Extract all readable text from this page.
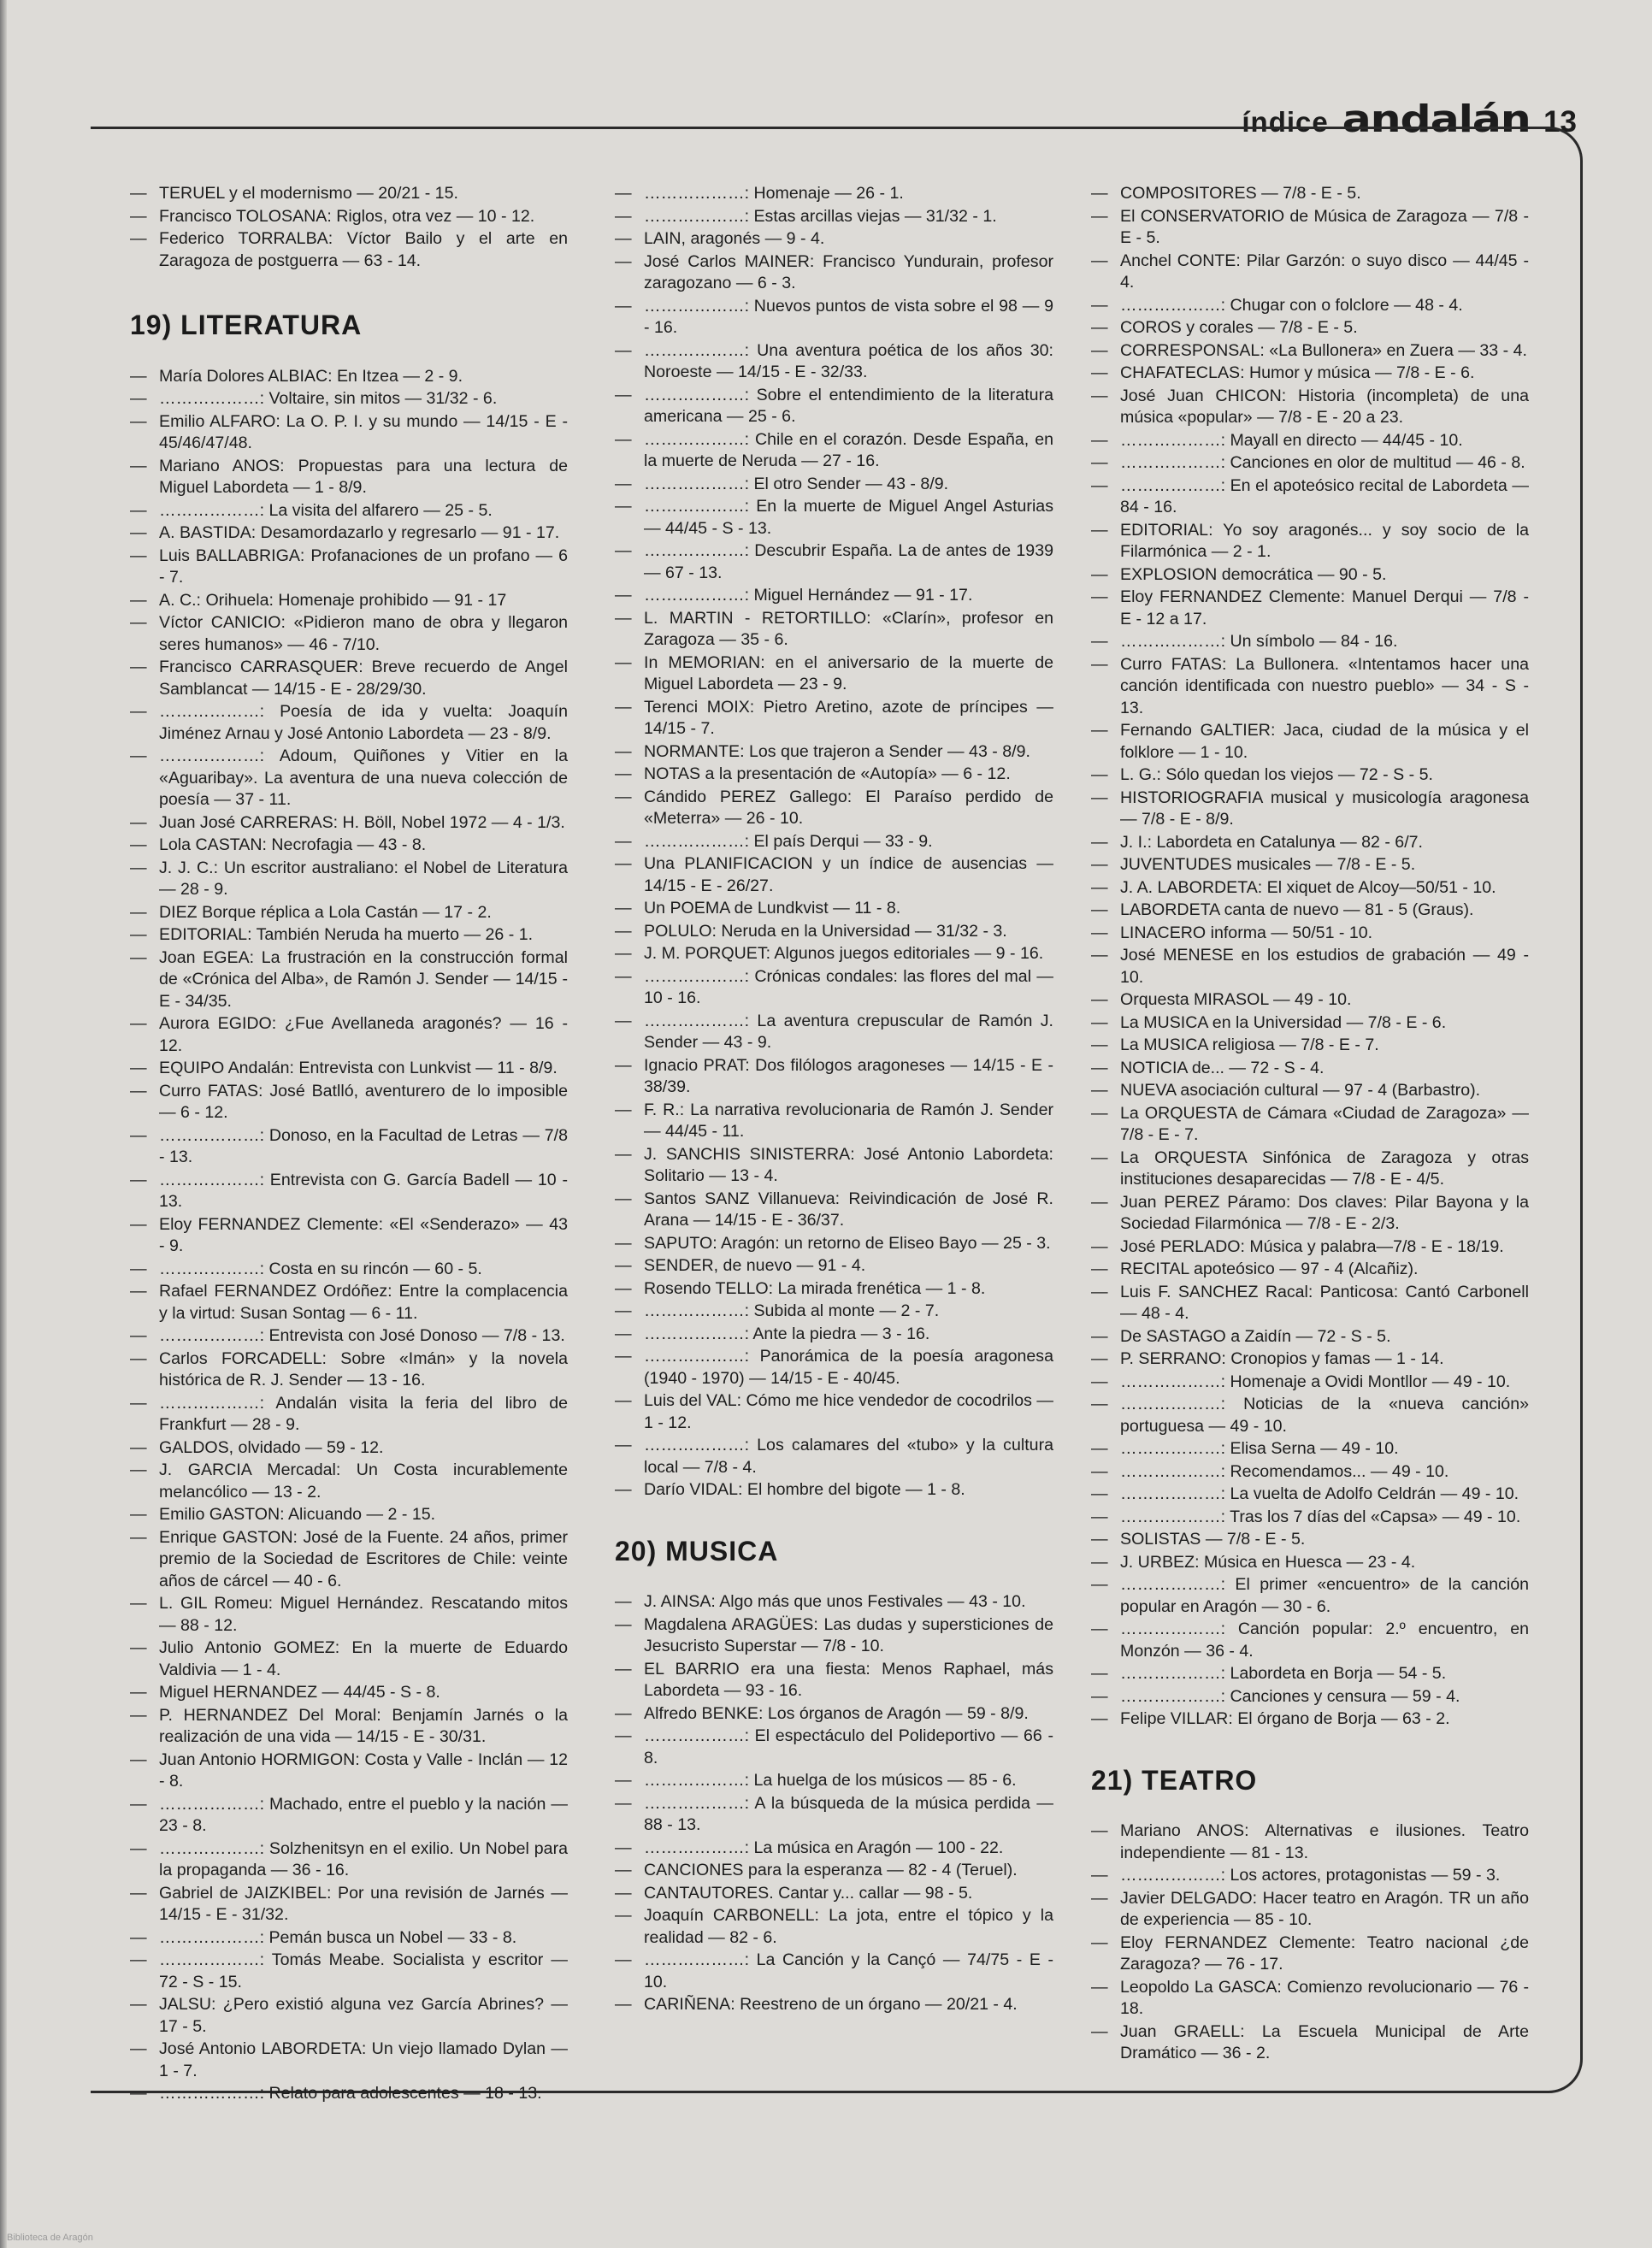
índice andalán 13
— TERUEL y el modernismo — 20/21 - 15.
— Francisco TOLOSANA: Riglos, otra vez — 10 - 12.
— Federico TORRALBA: Víctor Bailo y el arte en Zaragoza de postguerra — 63 - 14.
19) LITERATURA
— María Dolores ALBIAC: En Itzea — 2 - 9.
— ………………: Voltaire, sin mitos — 31/32 - 6.
— Emilio ALFARO: La O. P. I. y su mundo — 14/15 - E - 45/46/47/48.
— Mariano ANOS: Propuestas para una lectura de Miguel Labordeta — 1 - 8/9.
— ………………: La visita del alfarero — 25 - 5.
— A. BASTIDA: Desamordazarlo y regresarlo — 91 - 17.
— Luis BALLABRIGA: Profanaciones de un profano — 6 - 7.
— A. C.: Orihuela: Homenaje prohibido — 91 - 17
— Víctor CANICIO: «Pidieron mano de obra y llegaron seres humanos» — 46 - 7/10.
— Francisco CARRASQUER: Breve recuerdo de Angel Samblancat — 14/15 - E - 28/29/30.
— ………………: Poesía de ida y vuelta: Joaquín Jiménez Arnau y José Antonio Labordeta — 23 - 8/9.
— ………………: Adoum, Quiñones y Vitier en la «Aguaribay». La aventura de una nueva colección de poesía — 37 - 11.
— Juan José CARRERAS: H. Böll, Nobel 1972 — 4 - 1/3.
— Lola CASTAN: Necrofagia — 43 - 8.
— J. J. C.: Un escritor australiano: el Nobel de Literatura — 28 - 9.
— DIEZ Borque réplica a Lola Castán — 17 - 2.
— EDITORIAL: También Neruda ha muerto — 26 - 1.
— Joan EGEA: La frustración en la construcción formal de «Crónica del Alba», de Ramón J. Sender — 14/15 - E - 34/35.
— Aurora EGIDO: ¿Fue Avellaneda aragonés? — 16 - 12.
— EQUIPO Andalán: Entrevista con Lunkvist — 11 - 8/9.
— Curro FATAS: José Batlló, aventurero de lo imposible — 6 - 12.
— ………………: Donoso, en la Facultad de Letras — 7/8 - 13.
— ………………: Entrevista con G. García Badell — 10 - 13.
— Eloy FERNANDEZ Clemente: «El «Senderazo» — 43 - 9.
— ………………: Costa en su rincón — 60 - 5.
— Rafael FERNANDEZ Ordóñez: Entre la complacencia y la virtud: Susan Sontag — 6 - 11.
— ………………: Entrevista con José Donoso — 7/8 - 13.
— Carlos FORCADELL: Sobre «Imán» y la novela histórica de R. J. Sender — 13 - 16.
— ………………: Andalán visita la feria del libro de Frankfurt — 28 - 9.
— GALDOS, olvidado — 59 - 12.
— J. GARCIA Mercadal: Un Costa incurablemente melancólico — 13 - 2.
— Emilio GASTON: Alicuando — 2 - 15.
— Enrique GASTON: José de la Fuente. 24 años, primer premio de la Sociedad de Escritores de Chile: veinte años de cárcel — 40 - 6.
— L. GIL Romeu: Miguel Hernández. Rescatando mitos — 88 - 12.
— Julio Antonio GOMEZ: En la muerte de Eduardo Valdivia — 1 - 4.
— Miguel HERNANDEZ — 44/45 - S - 8.
— P. HERNANDEZ Del Moral: Benjamín Jarnés o la realización de una vida — 14/15 - E - 30/31.
— Juan Antonio HORMIGON: Costa y Valle - Inclán — 12 - 8.
— ………………: Machado, entre el pueblo y la nación — 23 - 8.
— ………………: Solzhenitsyn en el exilio. Un Nobel para la propaganda — 36 - 16.
— Gabriel de JAIZKIBEL: Por una revisión de Jarnés — 14/15 - E - 31/32.
— ………………: Pemán busca un Nobel — 33 - 8.
— ………………: Tomás Meabe. Socialista y escritor — 72 - S - 15.
— JALSU: ¿Pero existió alguna vez García Abrines? — 17 - 5.
— José Antonio LABORDETA: Un viejo llamado Dylan — 1 - 7.
— ………………: Relato para adolescentes — 18 - 13.
— ………………: Homenaje — 26 - 1.
— ………………: Estas arcillas viejas — 31/32 - 1.
— LAIN, aragonés — 9 - 4.
— José Carlos MAINER: Francisco Yundurain, profesor zaragozano — 6 - 3.
— ………………: Nuevos puntos de vista sobre el 98 — 9 - 16.
— ………………: Una aventura poética de los años 30: Noroeste — 14/15 - E - 32/33.
— ………………: Sobre el entendimiento de la literatura americana — 25 - 6.
— ………………: Chile en el corazón. Desde España, en la muerte de Neruda — 27 - 16.
— ………………: El otro Sender — 43 - 8/9.
— ………………: En la muerte de Miguel Angel Asturias — 44/45 - S - 13.
— ………………: Descubrir España. La de antes de 1939 — 67 - 13.
— ………………: Miguel Hernández — 91 - 17.
— L. MARTIN - RETORTILLO: «Clarín», profesor en Zaragoza — 35 - 6.
— In MEMORIAN: en el aniversario de la muerte de Miguel Labordeta — 23 - 9.
— Terenci MOIX: Pietro Aretino, azote de príncipes — 14/15 - 7.
— NORMANTE: Los que trajeron a Sender — 43 - 8/9.
— NOTAS a la presentación de «Autopía» — 6 - 12.
— Cándido PEREZ Gallego: El Paraíso perdido de «Meterra» — 26 - 10.
— ………………: El país Derqui — 33 - 9.
— Una PLANIFICACION y un índice de ausencias — 14/15 - E - 26/27.
— Un POEMA de Lundkvist — 11 - 8.
— POLULO: Neruda en la Universidad — 31/32 - 3.
— J. M. PORQUET: Algunos juegos editoriales — 9 - 16.
— ………………: Crónicas condales: las flores del mal — 10 - 16.
— ………………: La aventura crepuscular de Ramón J. Sender — 43 - 9.
— Ignacio PRAT: Dos filólogos aragoneses — 14/15 - E - 38/39.
— F. R.: La narrativa revolucionaria de Ramón J. Sender — 44/45 - 11.
— J. SANCHIS SINISTERRA: José Antonio Labordeta: Solitario — 13 - 4.
— Santos SANZ Villanueva: Reivindicación de José R. Arana — 14/15 - E - 36/37.
— SAPUTO: Aragón: un retorno de Eliseo Bayo — 25 - 3.
— SENDER, de nuevo — 91 - 4.
— Rosendo TELLO: La mirada frenética — 1 - 8.
— ………………: Subida al monte — 2 - 7.
— ………………: Ante la piedra — 3 - 16.
— ………………: Panorámica de la poesía aragonesa (1940 - 1970) — 14/15 - E - 40/45.
— Luis del VAL: Cómo me hice vendedor de cocodrilos — 1 - 12.
— ………………: Los calamares del «tubo» y la cultura local — 7/8 - 4.
— Darío VIDAL: El hombre del bigote — 1 - 8.
20) MUSICA
— J. AINSA: Algo más que unos Festivales — 43 - 10.
— Magdalena ARAGÜES: Las dudas y supersticiones de Jesucristo Superstar — 7/8 - 10.
— EL BARRIO era una fiesta: Menos Raphael, más Labordeta — 93 - 16.
— Alfredo BENKE: Los órganos de Aragón — 59 - 8/9.
— ………………: El espectáculo del Polideportivo — 66 - 8.
— ………………: La huelga de los músicos — 85 - 6.
— ………………: A la búsqueda de la música perdida — 88 - 13.
— ………………: La música en Aragón — 100 - 22.
— CANCIONES para la esperanza — 82 - 4 (Teruel).
— CANTAUTORES. Cantar y... callar — 98 - 5.
— Joaquín CARBONELL: La jota, entre el tópico y la realidad — 82 - 6.
— ………………: La Canción y la Cançó — 74/75 - E - 10.
— CARIÑENA: Reestreno de un órgano — 20/21 - 4.
— COMPOSITORES — 7/8 - E - 5.
— El CONSERVATORIO de Música de Zaragoza — 7/8 - E - 5.
— Anchel CONTE: Pilar Garzón: o suyo disco — 44/45 - 4.
— ………………: Chugar con o folclore — 48 - 4.
— COROS y corales — 7/8 - E - 5.
— CORRESPONSAL: «La Bullonera» en Zuera — 33 - 4.
— CHAFATECLAS: Humor y música — 7/8 - E - 6.
— José Juan CHICON: Historia (incompleta) de una música «popular» — 7/8 - E - 20 a 23.
— ………………: Mayall en directo — 44/45 - 10.
— ………………: Canciones en olor de multitud — 46 - 8.
— ………………: En el apoteósico recital de Labordeta — 84 - 16.
— EDITORIAL: Yo soy aragonés... y soy socio de la Filarmónica — 2 - 1.
— EXPLOSION democrática — 90 - 5.
— Eloy FERNANDEZ Clemente: Manuel Derqui — 7/8 - E - 12 a 17.
— ………………: Un símbolo — 84 - 16.
— Curro FATAS: La Bullonera. «Intentamos hacer una canción identificada con nuestro pueblo» — 34 - S - 13.
— Fernando GALTIER: Jaca, ciudad de la música y el folklore — 1 - 10.
— L. G.: Sólo quedan los viejos — 72 - S - 5.
— HISTORIOGRAFIA musical y musicología aragonesa — 7/8 - E - 8/9.
— J. I.: Labordeta en Catalunya — 82 - 6/7.
— JUVENTUDES musicales — 7/8 - E - 5.
— J. A. LABORDETA: El xiquet de Alcoy—50/51 - 10.
— LABORDETA canta de nuevo — 81 - 5 (Graus).
— LINACERO informa — 50/51 - 10.
— José MENESE en los estudios de grabación — 49 - 10.
— Orquesta MIRASOL — 49 - 10.
— La MUSICA en la Universidad — 7/8 - E - 6.
— La MUSICA religiosa — 7/8 - E - 7.
— NOTICIA de... — 72 - S - 4.
— NUEVA asociación cultural — 97 - 4 (Barbastro).
— La ORQUESTA de Cámara «Ciudad de Zaragoza» — 7/8 - E - 7.
— La ORQUESTA Sinfónica de Zaragoza y otras instituciones desaparecidas — 7/8 - E - 4/5.
— Juan PEREZ Páramo: Dos claves: Pilar Bayona y la Sociedad Filarmónica — 7/8 - E - 2/3.
— José PERLADO: Música y palabra—7/8 - E - 18/19.
— RECITAL apoteósico — 97 - 4 (Alcañiz).
— Luis F. SANCHEZ Racal: Panticosa: Cantó Carbonell — 48 - 4.
— De SASTAGO a Zaidín — 72 - S - 5.
— P. SERRANO: Cronopios y famas — 1 - 14.
— ………………: Homenaje a Ovidi Montllor — 49 - 10.
— ………………: Noticias de la «nueva canción» portuguesa — 49 - 10.
— ………………: Elisa Serna — 49 - 10.
— ………………: Recomendamos... — 49 - 10.
— ………………: La vuelta de Adolfo Celdrán — 49 - 10.
— ………………: Tras los 7 días del «Capsa» — 49 - 10.
— SOLISTAS — 7/8 - E - 5.
— J. URBEZ: Música en Huesca — 23 - 4.
— ………………: El primer «encuentro» de la canción popular en Aragón — 30 - 6.
— ………………: Canción popular: 2.º encuentro, en Monzón — 36 - 4.
— ………………: Labordeta en Borja — 54 - 5.
— ………………: Canciones y censura — 59 - 4.
— Felipe VILLAR: El órgano de Borja — 63 - 2.
21) TEATRO
— Mariano ANOS: Alternativas e ilusiones. Teatro independiente — 81 - 13.
— ………………: Los actores, protagonistas — 59 - 3.
— Javier DELGADO: Hacer teatro en Aragón. TR un año de experiencia — 85 - 10.
— Eloy FERNANDEZ Clemente: Teatro nacional ¿de Zaragoza? — 76 - 17.
— Leopoldo La GASCA: Comienzo revolucionario — 76 - 18.
— Juan GRAELL: La Escuela Municipal de Arte Dramático — 36 - 2.
Biblioteca de Aragón
